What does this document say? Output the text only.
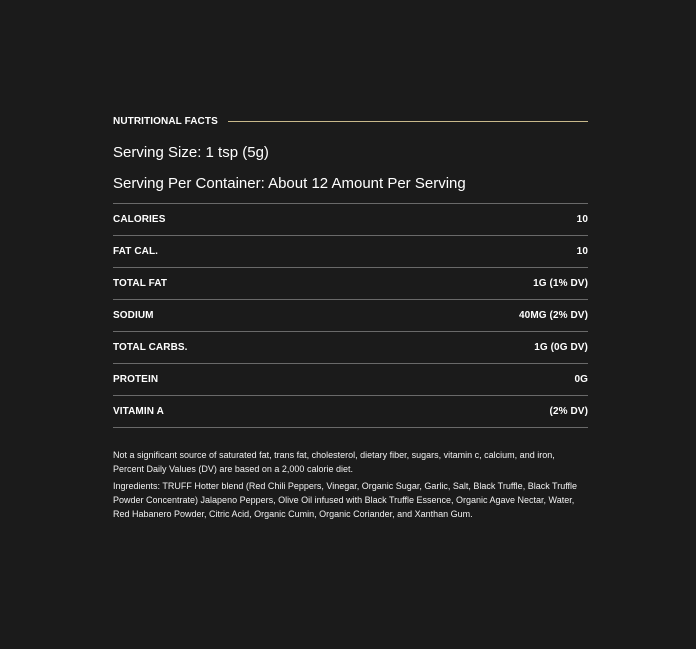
NUTRITIONAL FACTS

Serving Size: 1 tsp (5g)

Serving Per Container: About 12 Amount Per Serving

CALORIES	10
FAT CAL.	10
TOTAL FAT	1G (1% DV)
SODIUM	40MG (2% DV)
TOTAL CARBS.	1G (0G DV)
PROTEIN	0G
VITAMIN A	(2% DV)

Not a significant source of saturated fat, trans fat, cholesterol, dietary fiber, sugars, vitamin c, calcium, and iron, Percent Daily Values (DV) are based on a 2,000 calorie diet.

Ingredients: TRUFF Hotter blend (Red Chili Peppers, Vinegar, Organic Sugar, Garlic, Salt, Black Truffle, Black Truffle Powder Concentrate) Jalapeno Peppers, Olive Oil infused with Black Truffle Essence, Organic Agave Nectar, Water, Red Habanero Powder, Citric Acid, Organic Cumin, Organic Coriander, and Xanthan Gum.
